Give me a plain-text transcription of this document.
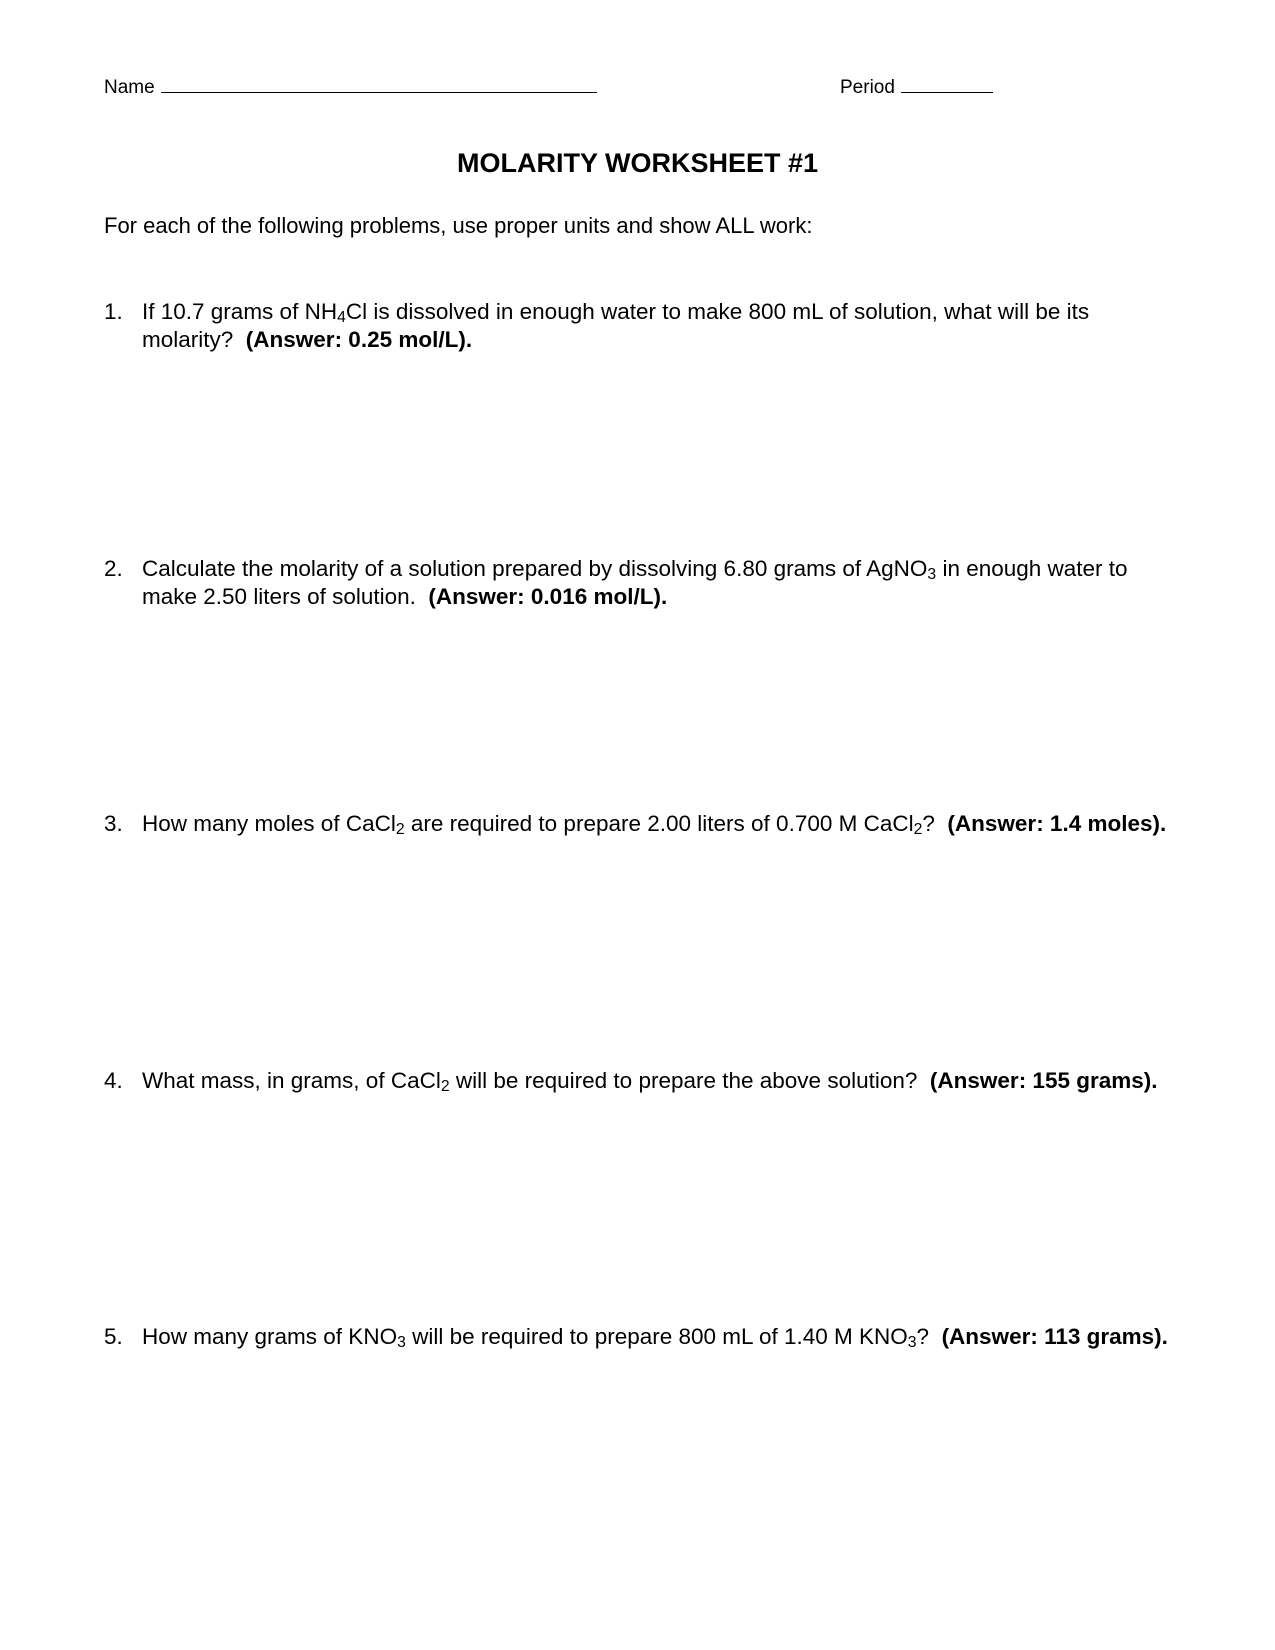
Name	Period
MOLARITY WORKSHEET #1
For each of the following problems, use proper units and show ALL work:
1. If 10.7 grams of $NH_4Cl$ is dissolved in enough water to make 800 mL of solution, what will be its molarity? (Answer: 0.25 mol/L).
2. Calculate the molarity of a solution prepared by dissolving 6.80 grams of AgNO$_3$ in enough water to make 2.50 liters of solution. (Answer: 0.016 mol/L).
3. How many moles of CaCl$_2$ are required to prepare 2.00 liters of 0.700 M CaCl$_2$? (Answer: 1.4 moles).
4. What mass, in grams, of CaCl$_2$ will be required to prepare the above solution? (Answer: 155 grams).
5. How many grams of $KNO_3$ will be required to prepare 800 mL of 1.40 M $KNO_3$? (Answer: 113 grams).
